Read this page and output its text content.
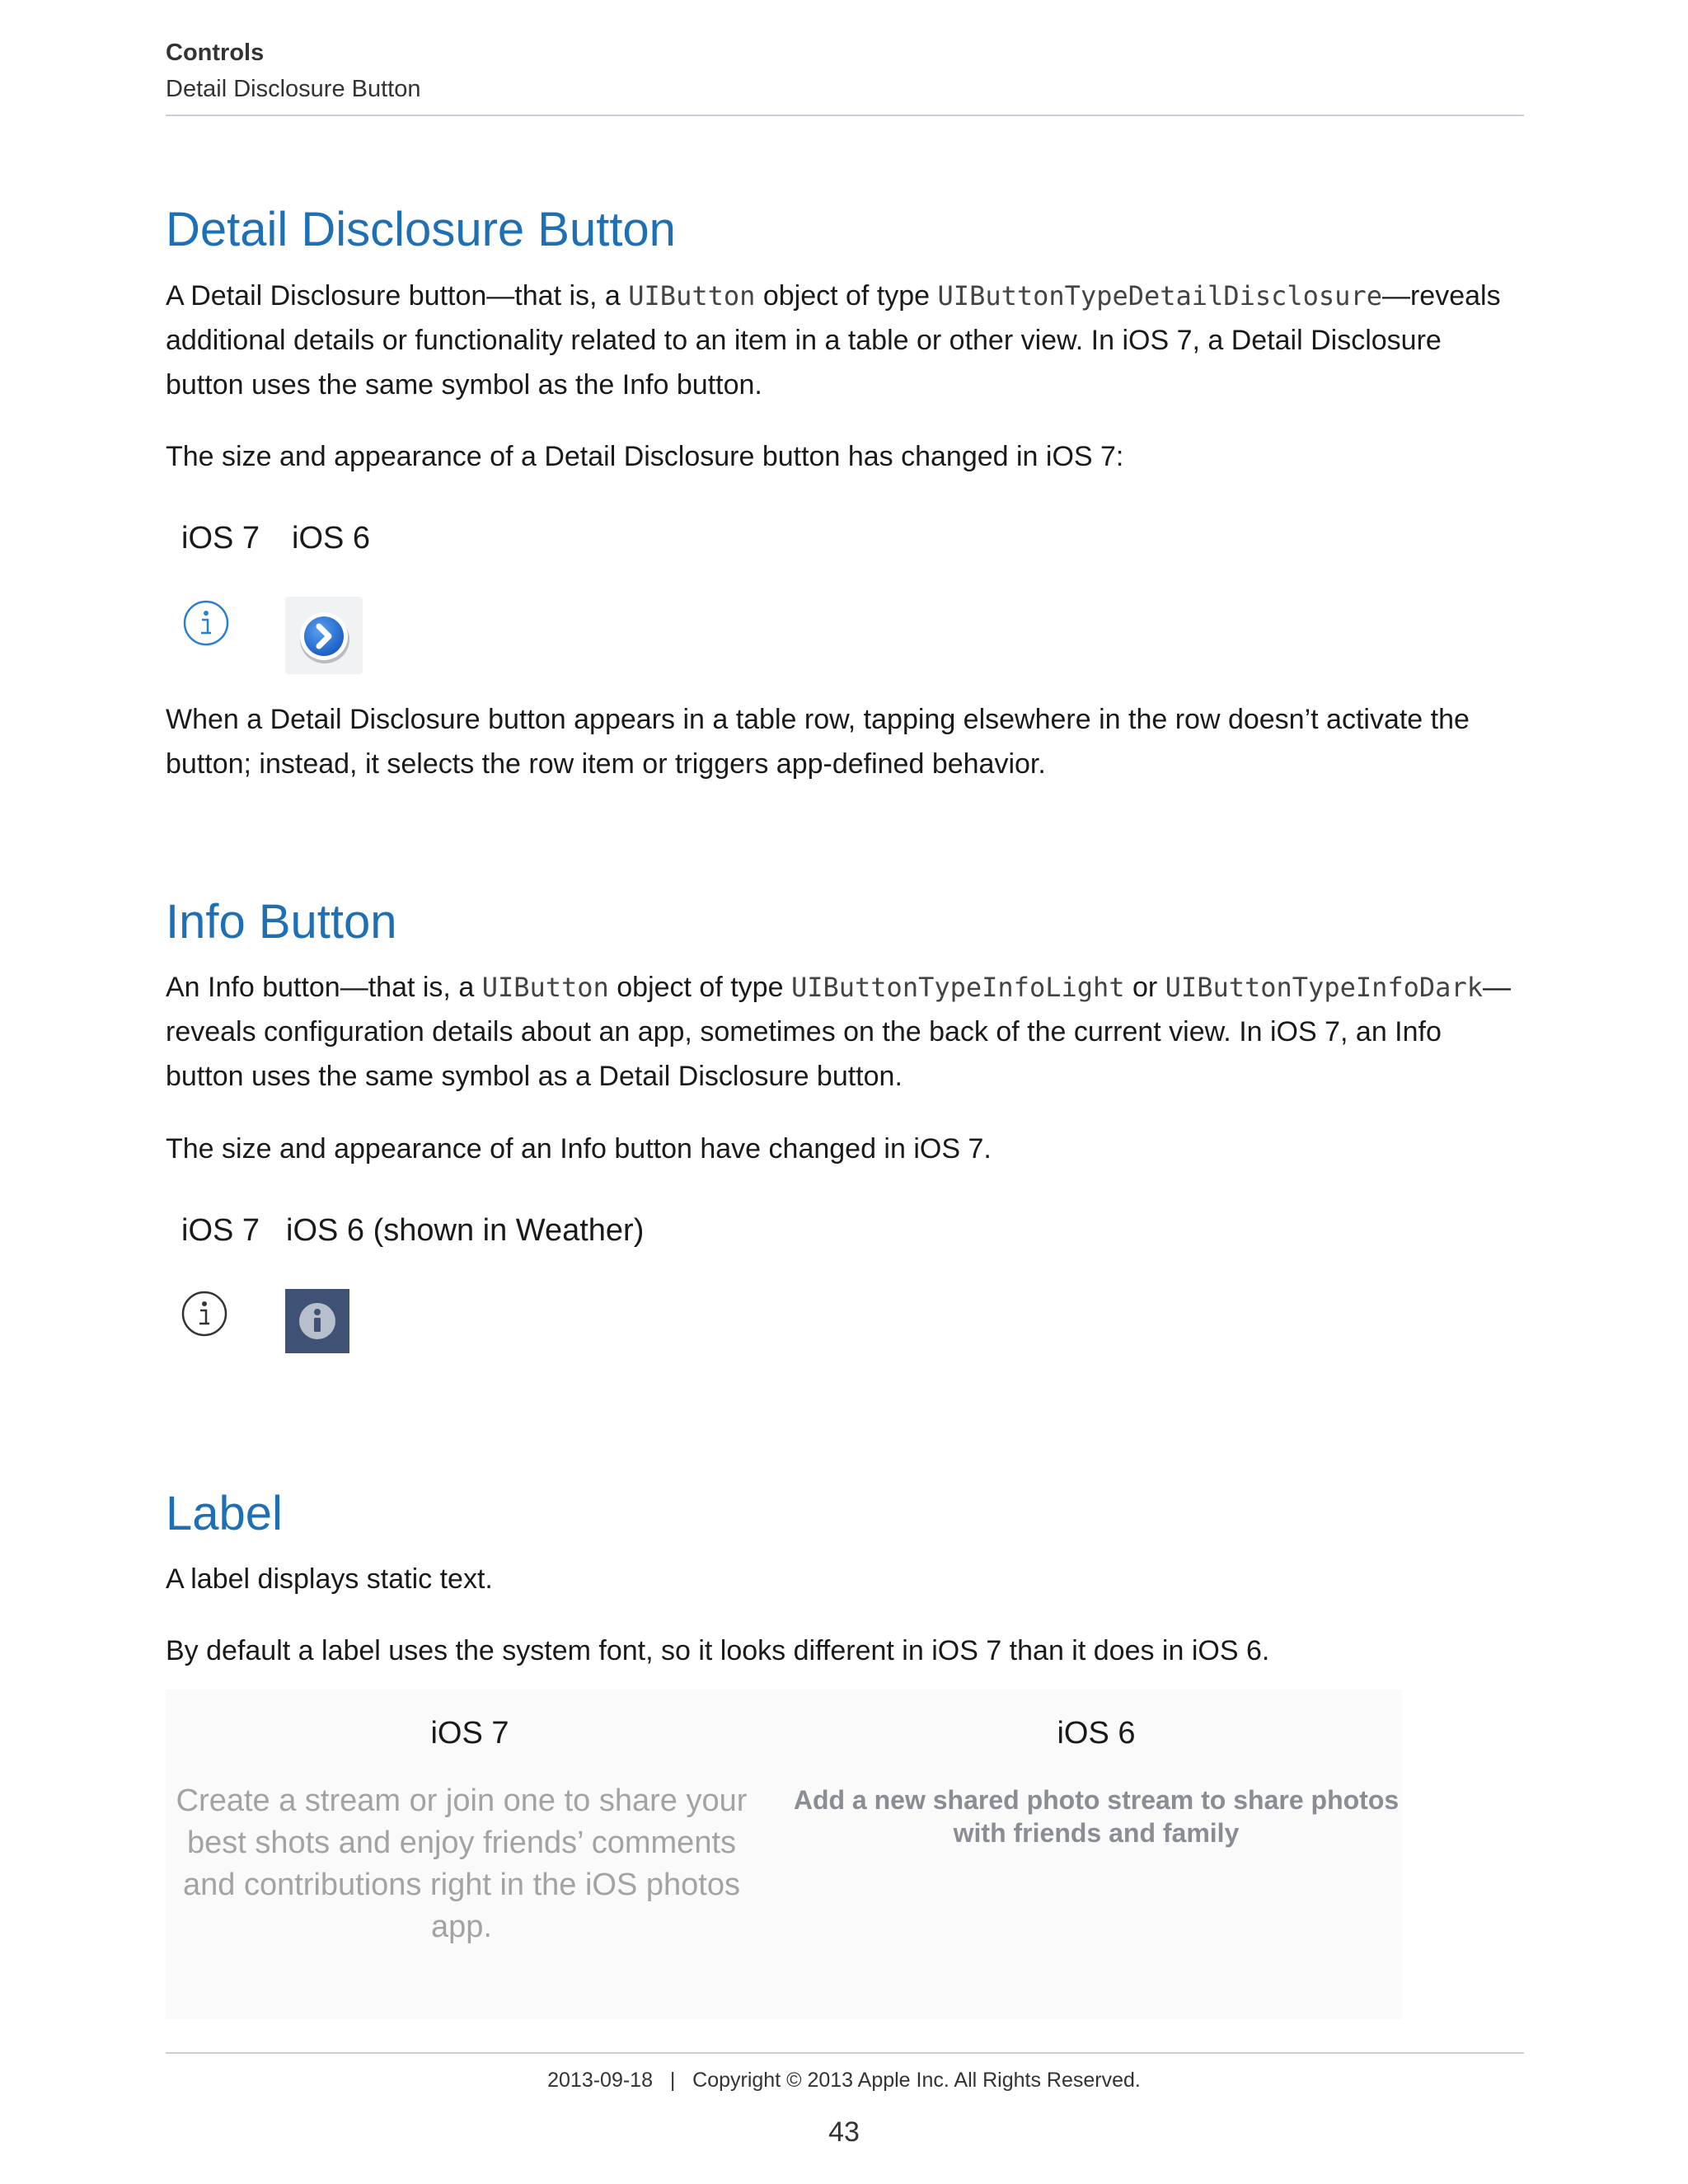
Controls
Detail Disclosure Button
Detail Disclosure Button
A Detail Disclosure button—that is, a UIButton object of type UIButtonTypeDetailDisclosure—reveals additional details or functionality related to an item in a table or other view. In iOS 7, a Detail Disclosure button uses the same symbol as the Info button.
The size and appearance of a Detail Disclosure button has changed in iOS 7:
iOS 7 iOS 6
When a Detail Disclosure button appears in a table row, tapping elsewhere in the row doesn’t activate the button; instead, it selects the row item or triggers app-defined behavior.
Info Button
An Info button—that is, a UIButton object of type UIButtonTypeInfoLight or UIButtonTypeInfoDark—reveals configuration details about an app, sometimes on the back of the current view. In iOS 7, an Info button uses the same symbol as a Detail Disclosure button.
The size and appearance of an Info button have changed in iOS 7.
iOS 7 iOS 6 (shown in Weather)
Label
A label displays static text.
By default a label uses the system font, so it looks different in iOS 7 than it does in iOS 6.
iOS 7	iOS 6
Create a stream or join one to share your best shots and enjoy friends’ comments and contributions right in the iOS photos app.
Add a new shared photo stream to share photos with friends and family
2013-09-18   |   Copyright © 2013 Apple Inc. All Rights Reserved.
43
